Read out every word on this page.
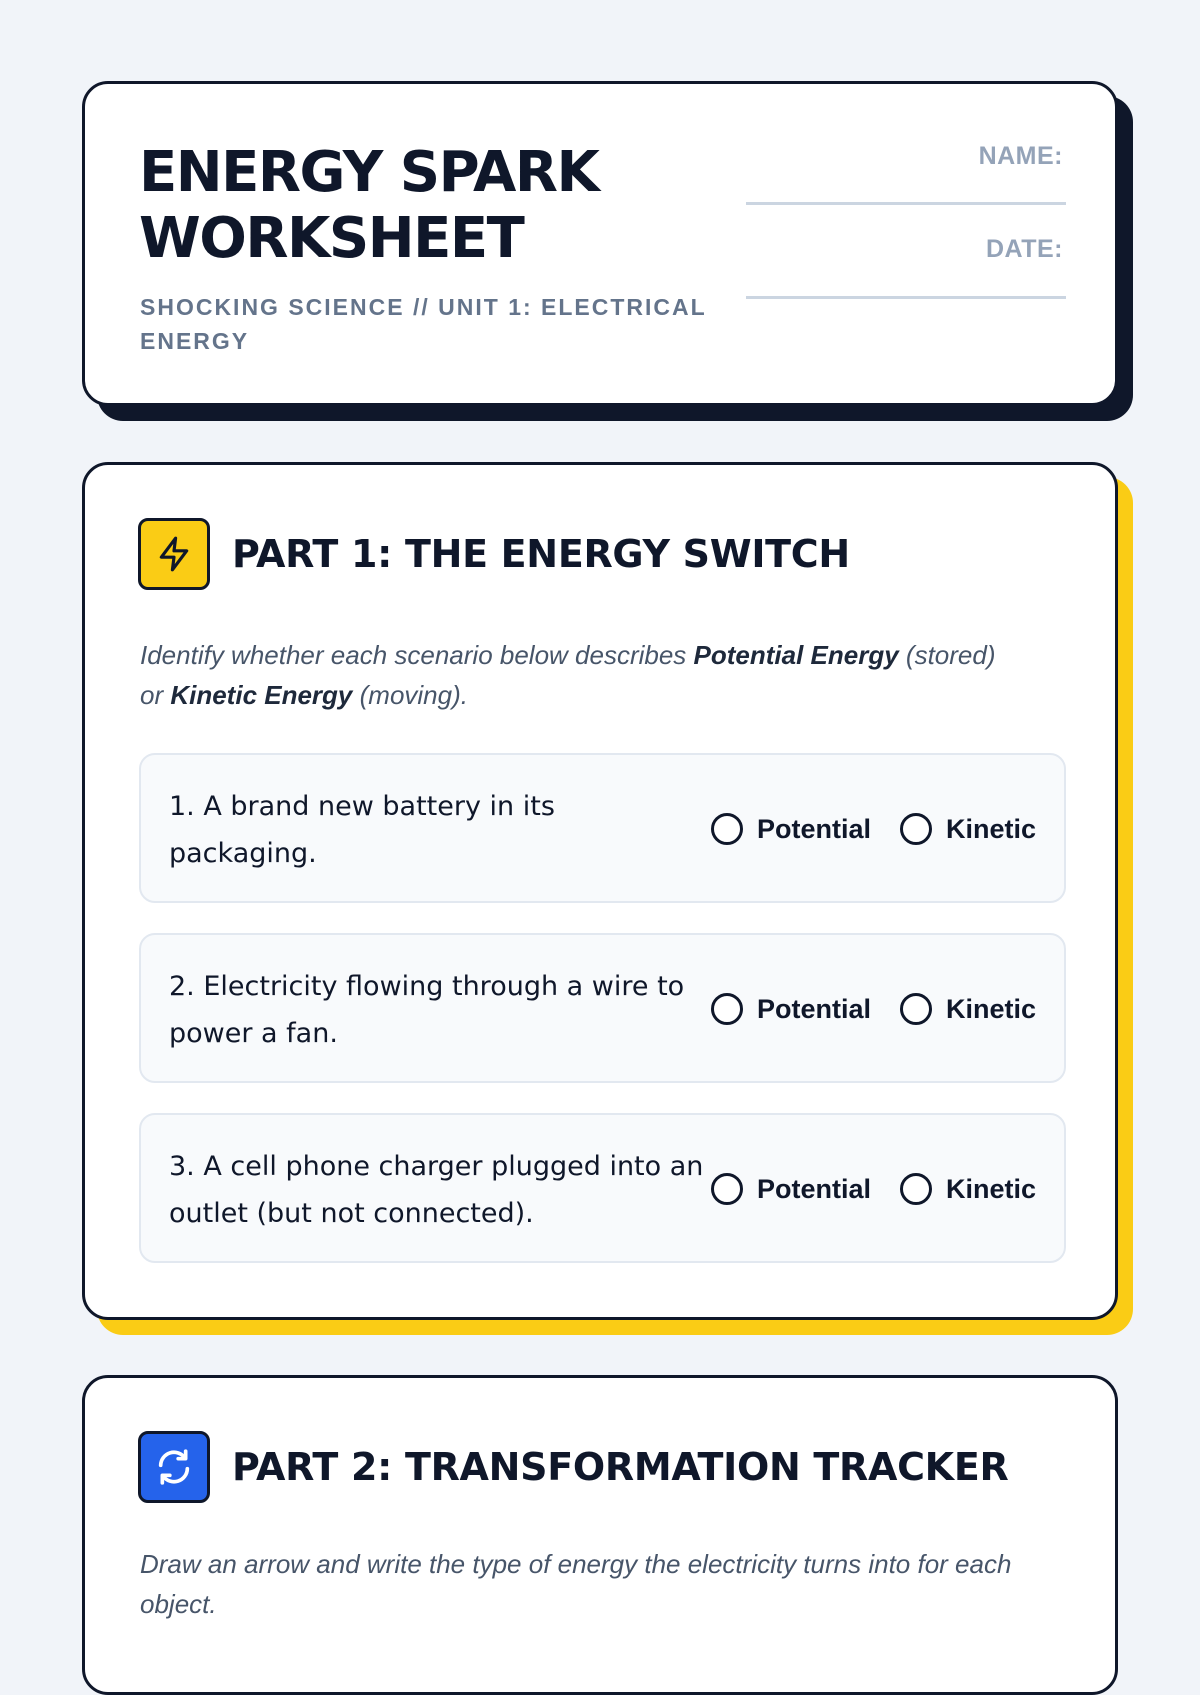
ENERGY SPARK
WORKSHEET
SHOCKING SCIENCE // UNIT 1: ELECTRICAL ENERGY
NAME:
DATE:
PART 1: THE ENERGY SWITCH
Identify whether each scenario below describes Potential Energy (stored) or Kinetic Energy (moving).
1. A brand new battery in its packaging.
Potential	Kinetic
2. Electricity flowing through a wire to power a fan.
Potential	Kinetic
3. A cell phone charger plugged into an outlet (but not connected).
Potential	Kinetic
PART 2: TRANSFORMATION TRACKER
Draw an arrow and write the type of energy the electricity turns into for each object.
